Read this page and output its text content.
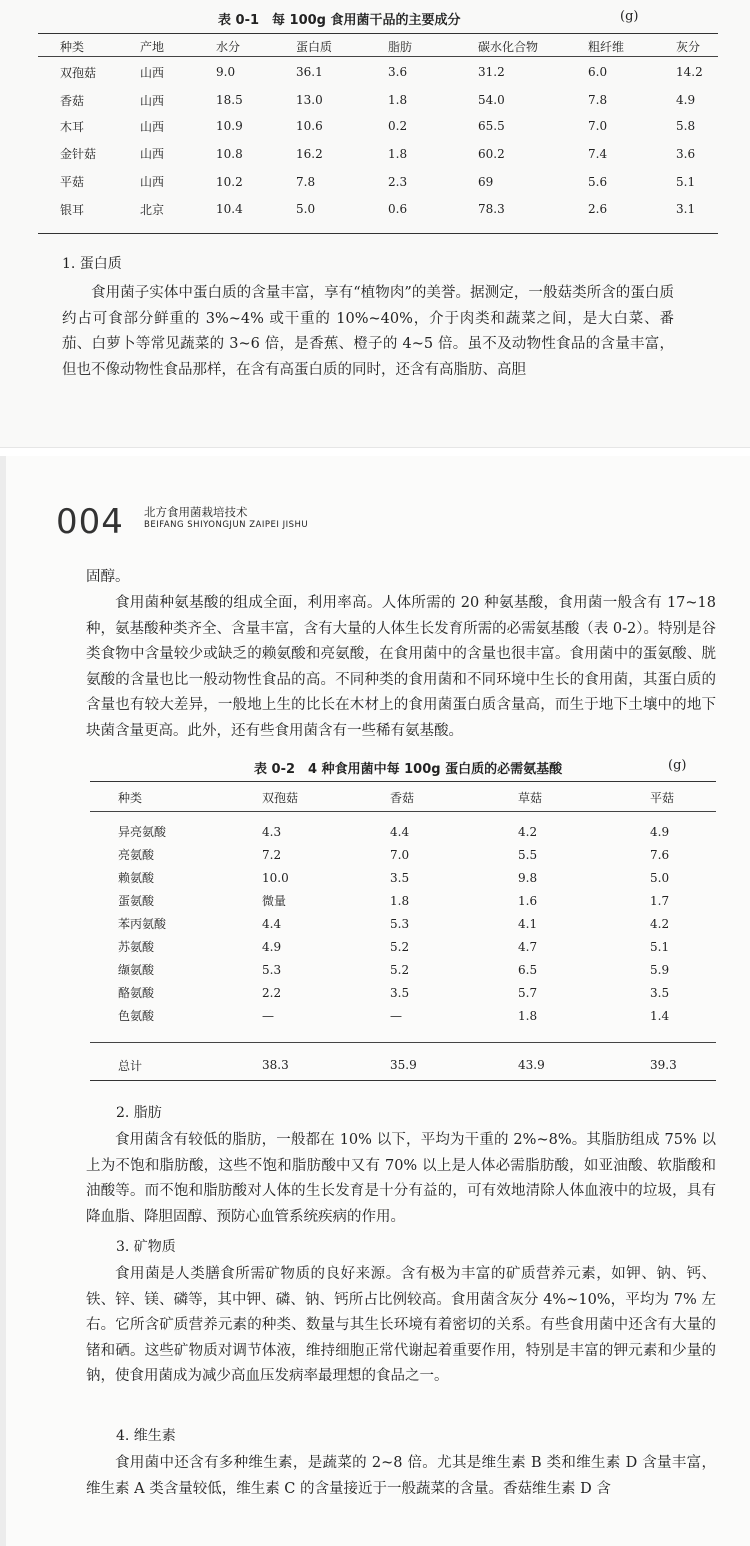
表 0-1　每 100g 食用菌干品的主要成分	(g)
种类	产地	水分	蛋白质	脂肪	碳水化合物	粗纤维	灰分
双孢菇	山西	9.0	36.1	3.6	31.2	6.0	14.2
香菇	山西	18.5	13.0	1.8	54.0	7.8	4.9
木耳	山西	10.9	10.6	0.2	65.5	7.0	5.8
金针菇	山西	10.8	16.2	1.8	60.2	7.4	3.6
平菇	山西	10.2	7.8	2.3	69	5.6	5.1
银耳	北京	10.4	5.0	0.6	78.3	2.6	3.1
1. 蛋白质

食用菌子实体中蛋白质的含量丰富，享有“植物肉”的美誉。据测定，一般菇类所含的蛋白质约占可食部分鲜重的 3%~4% 或干重的 10%~40%，介于肉类和蔬菜之间，是大白菜、番茄、白萝卜等常见蔬菜的 3~6 倍，是香蕉、橙子的 4~5 倍。虽不及动物性食品的含量丰富，但也不像动物性食品那样，在含有高蛋白质的同时，还含有高脂肪、高胆

004 北方食用菌栽培技术
BEIFANG SHIYONGJUN ZAIPEI JISHU

固醇。

食用菌种氨基酸的组成全面，利用率高。人体所需的 20 种氨基酸，食用菌一般含有 17~18 种，氨基酸种类齐全、含量丰富，含有大量的人体生长发育所需的必需氨基酸（表 0-2）。特别是谷类食物中含量较少或缺乏的赖氨酸和亮氨酸，在食用菌中的含量也很丰富。食用菌中的蛋氨酸、胱氨酸的含量也比一般动物性食品的高。不同种类的食用菌和不同环境中生长的食用菌，其蛋白质的含量也有较大差异，一般地上生的比长在木材上的食用菌蛋白质含量高，而生于地下土壤中的地下块菌含量更高。此外，还有些食用菌含有一些稀有氨基酸。

表 0-2　4 种食用菌中每 100g 蛋白质的必需氨基酸	(g)
种类	双孢菇	香菇	草菇	平菇
异亮氨酸	4.3	4.4	4.2	4.9
亮氨酸	7.2	7.0	5.5	7.6
赖氨酸	10.0	3.5	9.8	5.0
蛋氨酸	微量	1.8	1.6	1.7
苯丙氨酸	4.4	5.3	4.1	4.2
苏氨酸	4.9	5.2	4.7	5.1
缬氨酸	5.3	5.2	6.5	5.9
酪氨酸	2.2	3.5	5.7	3.5
色氨酸	—	—	1.8	1.4
总计	38.3	35.9	43.9	39.3
2. 脂肪

食用菌含有较低的脂肪，一般都在 10% 以下，平均为干重的 2%~8%。其脂肪组成 75% 以上为不饱和脂肪酸，这些不饱和脂肪酸中又有 70% 以上是人体必需脂肪酸，如亚油酸、软脂酸和油酸等。而不饱和脂肪酸对人体的生长发育是十分有益的，可有效地清除人体血液中的垃圾，具有降血脂、降胆固醇、预防心血管系统疾病的作用。

3. 矿物质

食用菌是人类膳食所需矿物质的良好来源。含有极为丰富的矿质营养元素，如钾、钠、钙、铁、锌、镁、磷等，其中钾、磷、钠、钙所占比例较高。食用菌含灰分 4%~10%，平均为 7% 左右。它所含矿质营养元素的种类、数量与其生长环境有着密切的关系。有些食用菌中还含有大量的锗和硒。这些矿物质对调节体液，维持细胞正常代谢起着重要作用，特别是丰富的钾元素和少量的钠，使食用菌成为减少高血压发病率最理想的食品之一。

4. 维生素

食用菌中还含有多种维生素，是蔬菜的 2~8 倍。尤其是维生素 B 类和维生素 D 含量丰富，维生素 A 类含量较低，维生素 C 的含量接近于一般蔬菜的含量。香菇维生素 D 含
